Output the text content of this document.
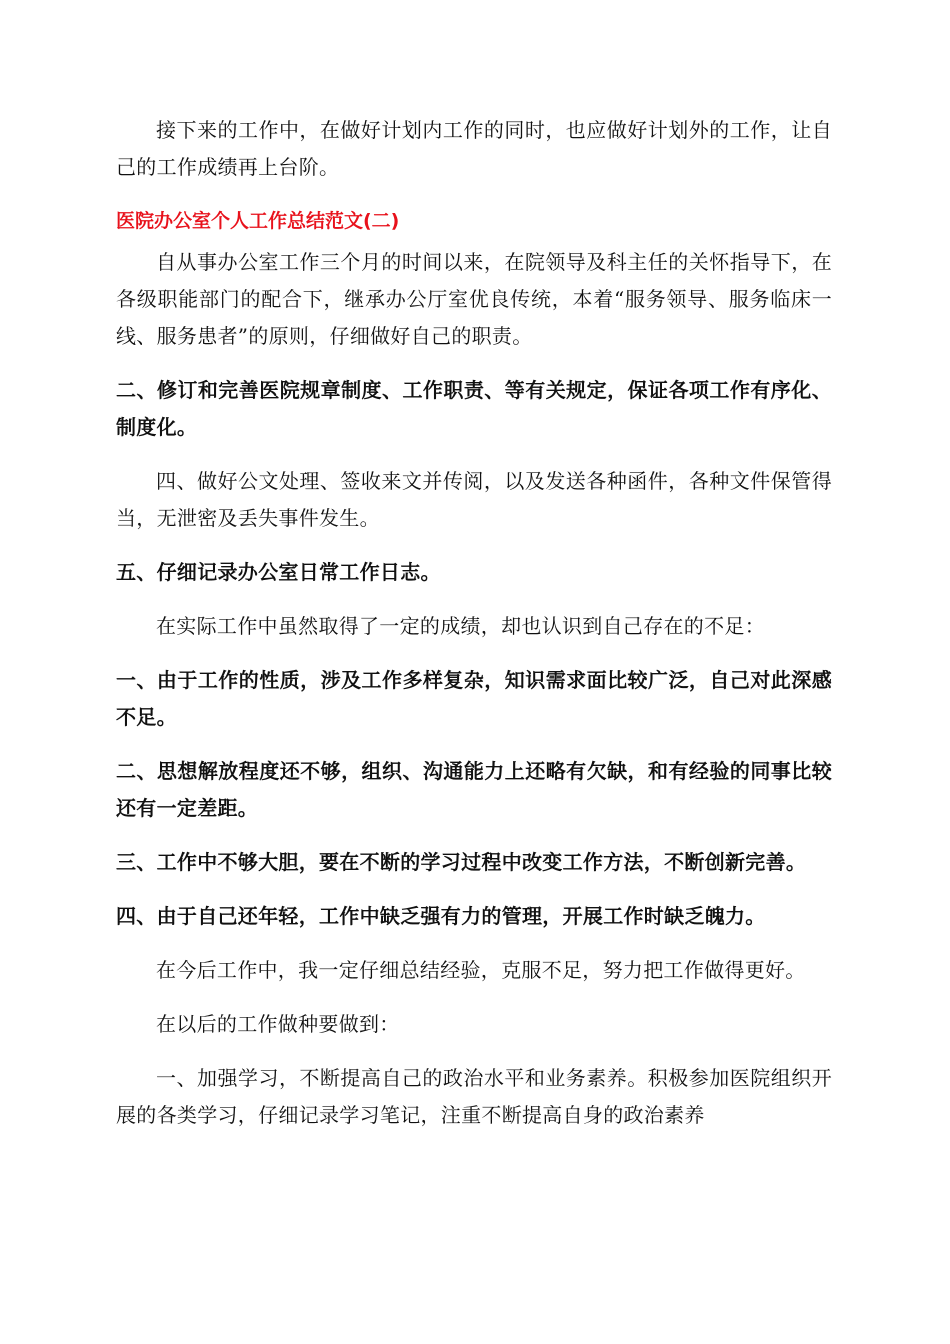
接下来的工作中，在做好计划内工作的同时，也应做好计划外的工作，让自己的工作成绩再上台阶。

医院办公室个人工作总结范文(二)

自从事办公室工作三个月的时间以来，在院领导及科主任的关怀指导下，在各级职能部门的配合下，继承办公厅室优良传统，本着“服务领导、服务临床一线、服务患者”的原则，仔细做好自己的职责。

二、修订和完善医院规章制度、工作职责、等有关规定，保证各项工作有序化、制度化。

四、做好公文处理、签收来文并传阅，以及发送各种函件，各种文件保管得当，无泄密及丢失事件发生。

五、仔细记录办公室日常工作日志。

在实际工作中虽然取得了一定的成绩，却也认识到自己存在的不足：

一、由于工作的性质，涉及工作多样复杂，知识需求面比较广泛，自己对此深感不足。

二、思想解放程度还不够，组织、沟通能力上还略有欠缺，和有经验的同事比较还有一定差距。

三、工作中不够大胆，要在不断的学习过程中改变工作方法，不断创新完善。

四、由于自己还年轻，工作中缺乏强有力的管理，开展工作时缺乏魄力。

在今后工作中，我一定仔细总结经验，克服不足，努力把工作做得更好。

在以后的工作做种要做到：

一、加强学习，不断提高自己的政治水平和业务素养。积极参加医院组织开展的各类学习，仔细记录学习笔记，注重不断提高自身的政治素养
